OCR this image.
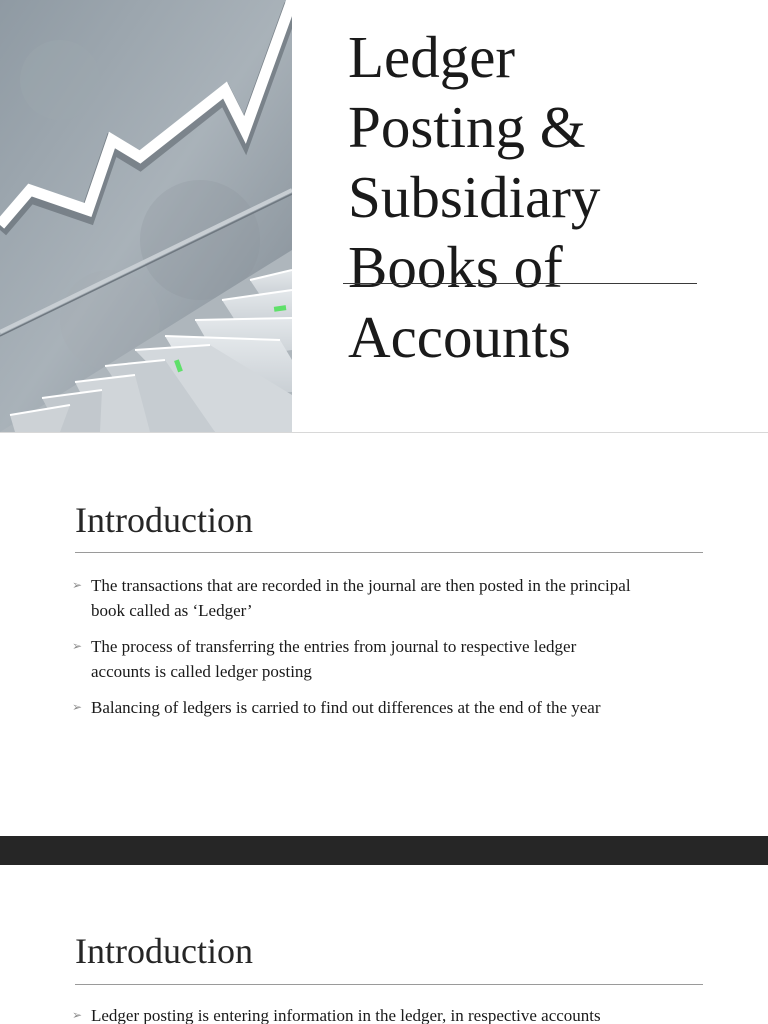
Ledger
Posting &
Subsidiary
Books of
Accounts
Introduction
➢ The transactions that are recorded in the journal are then posted in the principal
book called as ‘Ledger’
➢ The process of transferring the entries from journal to respective ledger
accounts is called ledger posting
➢ Balancing of ledgers is carried to find out differences at the end of the year
Introduction
➢ Ledger posting is entering information in the ledger, in respective accounts
